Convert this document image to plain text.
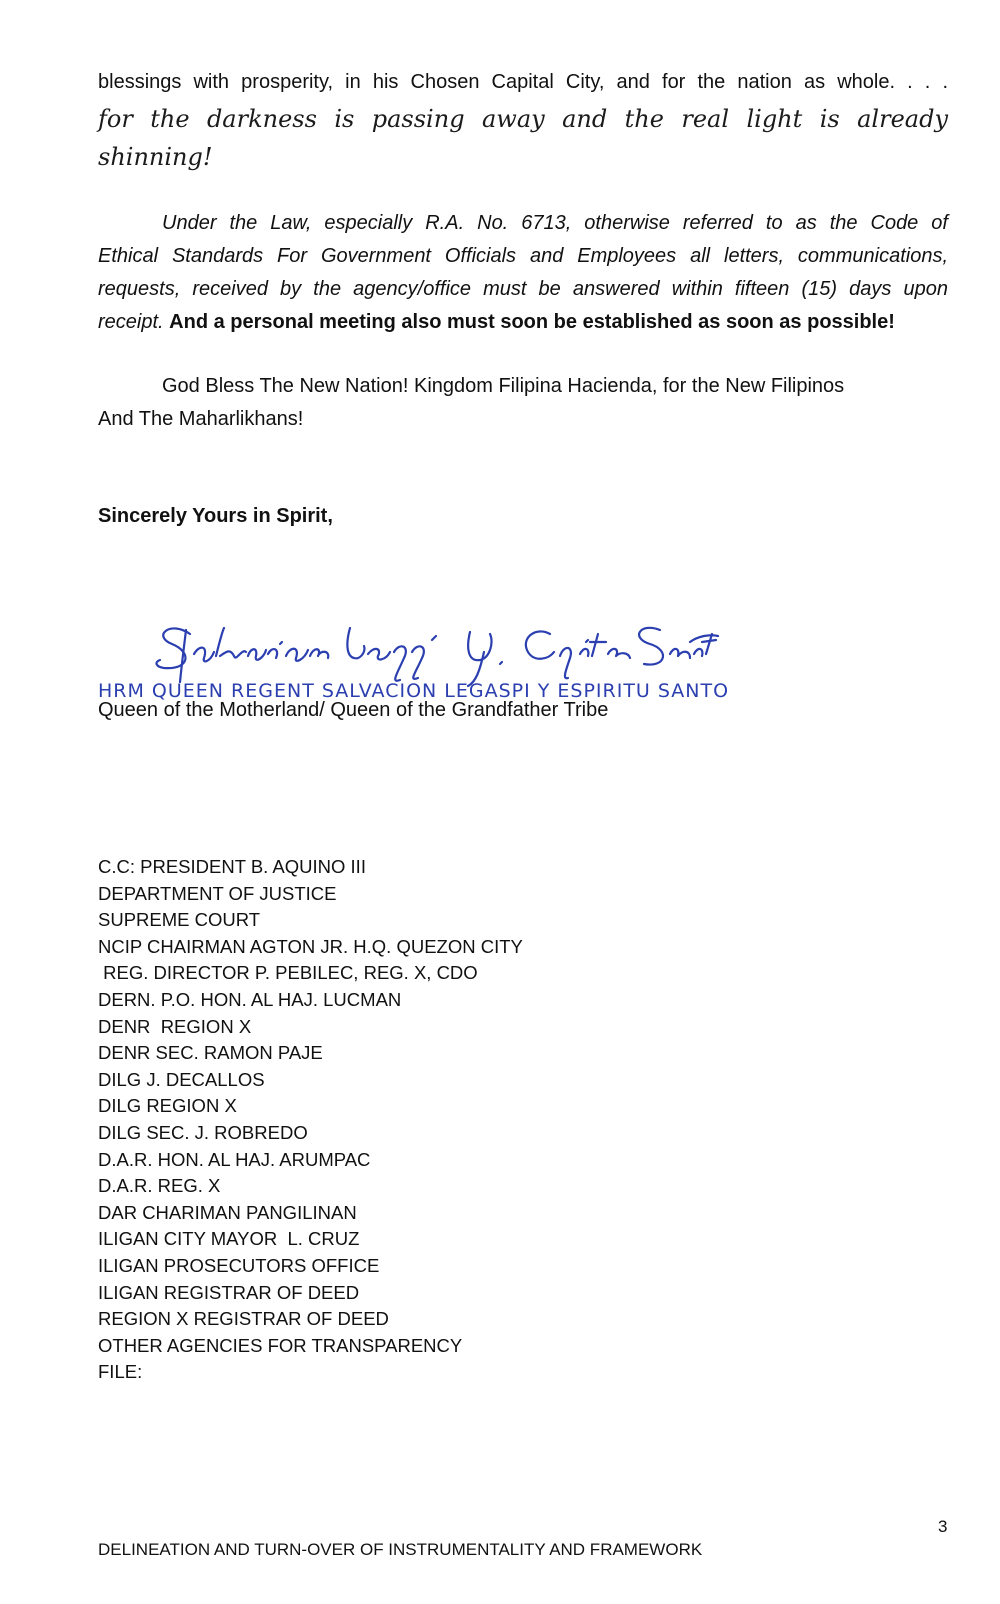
blessings with prosperity, in his Chosen Capital City, and for the nation as whole. . . .
for the darkness is passing away and the real light is already
shinning!
Under the Law, especially R.A. No. 6713, otherwise referred to as the Code of
Ethical Standards For Government Officials and Employees all letters, communications,
requests, received by the agency/office must be answered within fifteen (15) days upon
receipt. And a personal meeting also must soon be established as soon as possible!
God Bless The New Nation! Kingdom Filipina Hacienda, for the New Filipinos
And The Maharlikhans!
Sincerely Yours in Spirit,
HRM QUEEN REGENT SALVACION LEGASPI Y ESPIRITU SANTO
Queen of the Motherland/ Queen of the Grandfather Tribe
C.C: PRESIDENT B. AQUINO III
DEPARTMENT OF JUSTICE
SUPREME COURT
NCIP CHAIRMAN AGTON JR. H.Q. QUEZON CITY
REG. DIRECTOR P. PEBILEC, REG. X, CDO
DERN. P.O. HON. AL HAJ. LUCMAN
DENR  REGION X
DENR SEC. RAMON PAJE
DILG J. DECALLOS
DILG REGION X
DILG SEC. J. ROBREDO
D.A.R. HON. AL HAJ. ARUMPAC
D.A.R. REG. X
DAR CHARIMAN PANGILINAN
ILIGAN CITY MAYOR  L. CRUZ
ILIGAN PROSECUTORS OFFICE
ILIGAN REGISTRAR OF DEED
REGION X REGISTRAR OF DEED
OTHER AGENCIES FOR TRANSPARENCY
FILE:
3
DELINEATION AND TURN-OVER OF INSTRUMENTALITY AND FRAMEWORK
